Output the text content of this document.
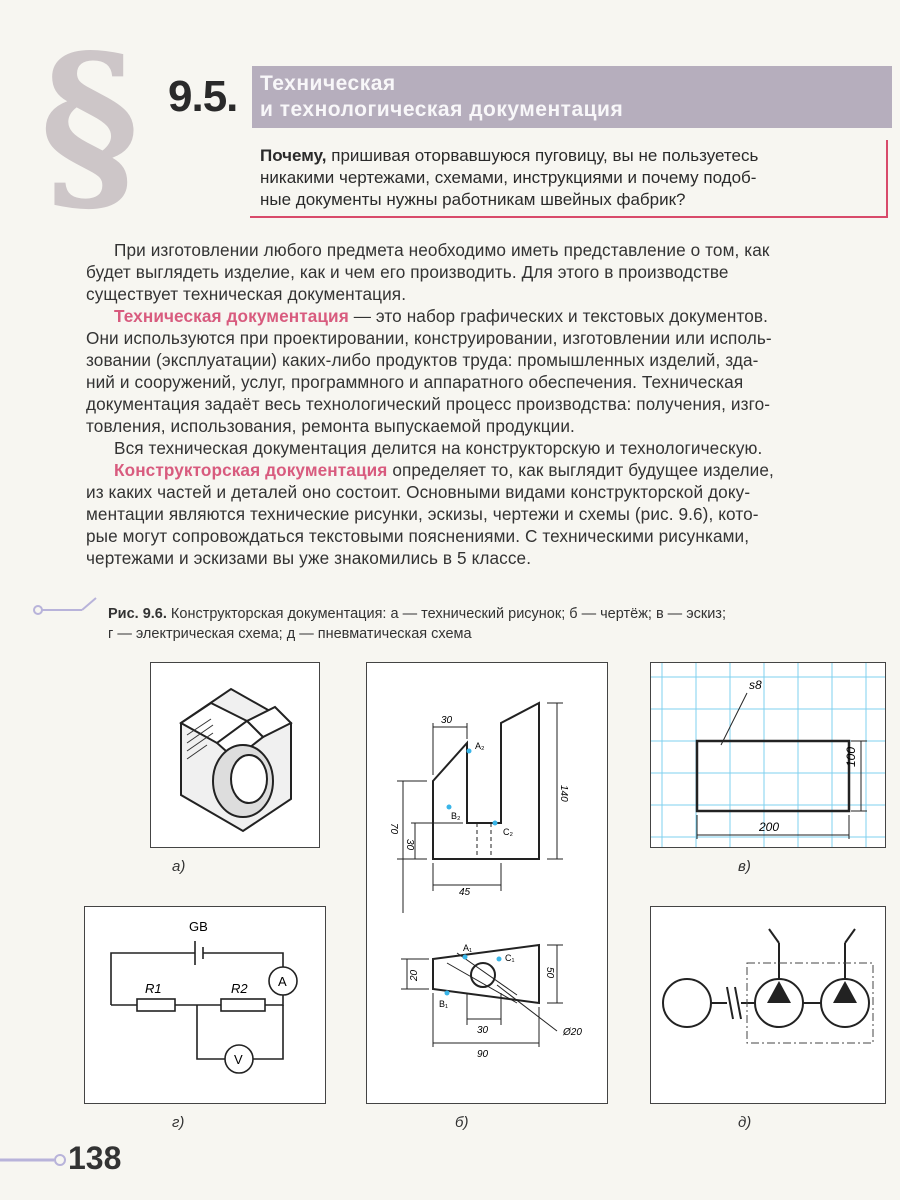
§ 9.5. Техническая
и технологическая документация
Почему, пришивая оторвавшуюся пуговицу, вы не пользуетесь
никакими чертежами, схемами, инструкциями и почему подоб-
ные документы нужны работникам швейных фабрик?
При изготовлении любого предмета необходимо иметь представление о том, как
будет выглядеть изделие, как и чем его производить. Для этого в производстве
существует техническая документация.
Техническая документация — это набор графических и текстовых документов.
Они используются при проектировании, конструировании, изготовлении или исполь-
зовании (эксплуатации) каких-либо продуктов труда: промышленных изделий, зда-
ний и сооружений, услуг, программного и аппаратного обеспечения. Техническая
документация задаёт весь технологический процесс производства: получения, изго-
товления, использования, ремонта выпускаемой продукции.
Вся техническая документация делится на конструкторскую и технологическую.
Конструкторская документация определяет то, как выглядит будущее изделие,
из каких частей и деталей оно состоит. Основными видами конструкторской доку-
ментации являются технические рисунки, эскизы, чертежи и схемы (рис. 9.6), кото-
рые могут сопровождаться текстовыми пояснениями. С техническими рисунками,
чертежами и эскизами вы уже знакомились в 5 классе.
Рис. 9.6. Конструкторская документация: а — технический рисунок; б — чертёж; в — эскиз;
г — электрическая схема; д — пневматическая схема
а)
30
140
70
30
45
A₂
B₂
C₂
20	50
30
90
Ø20
A₁
B₁
C₁
б)
s8
100
200
в)
GB
R1	R2 A
V
г)	д)
138
